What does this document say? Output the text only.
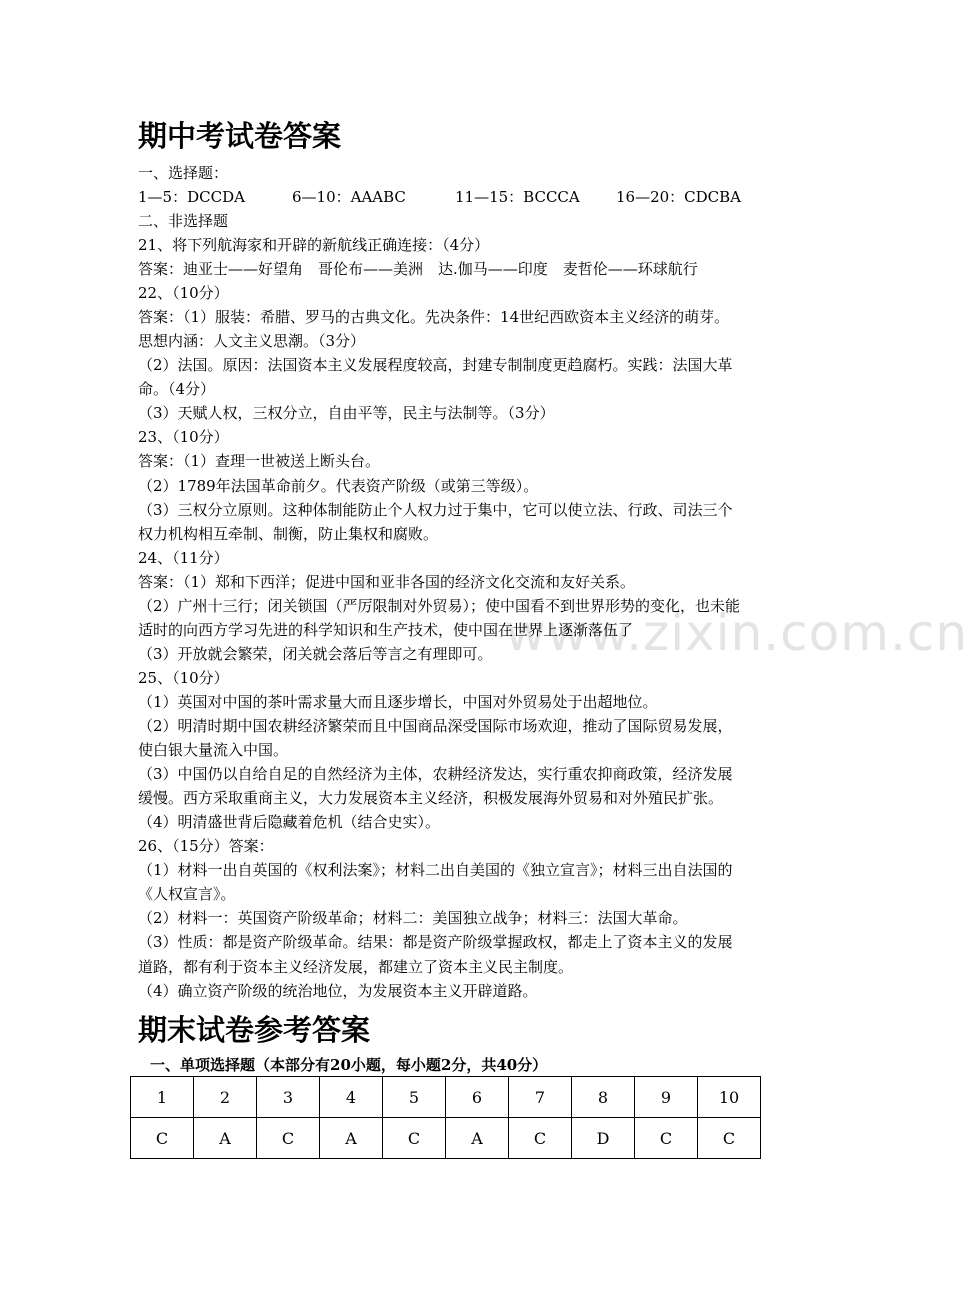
www.zixin.com.cn
期中考试卷答案
一、选择题：
1—5：DCCDA	6—10：AAABC	11—15：BCCCA 16—20：CDCBA
二、非选择题
21、将下列航海家和开辟的新航线正确连接：（4分）
答案：迪亚士——好望角　哥伦布——美洲　达.伽马——印度　麦哲伦——环球航行
22、（10分）
答案：（1）服装：希腊、罗马的古典文化。先决条件：14世纪西欧资本主义经济的萌芽。
思想内涵：人文主义思潮。（3分）
（2）法国。原因：法国资本主义发展程度较高，封建专制制度更趋腐朽。实践：法国大革
命。（4分）
（3）天赋人权，三权分立，自由平等，民主与法制等。（3分）
23、（10分）
答案：（1）查理一世被送上断头台。
（2）1789年法国革命前夕。代表资产阶级（或第三等级）。
（3）三权分立原则。这种体制能防止个人权力过于集中，它可以使立法、行政、司法三个
权力机构相互牵制、制衡，防止集权和腐败。
24、（11分）
答案：（1）郑和下西洋；促进中国和亚非各国的经济文化交流和友好关系。
（2）广州十三行；闭关锁国（严厉限制对外贸易）；使中国看不到世界形势的变化，也未能
适时的向西方学习先进的科学知识和生产技术，使中国在世界上逐渐落伍了
（3）开放就会繁荣，闭关就会落后等言之有理即可。
25、（10分）
（1）英国对中国的茶叶需求量大而且逐步增长，中国对外贸易处于出超地位。
（2）明清时期中国农耕经济繁荣而且中国商品深受国际市场欢迎，推动了国际贸易发展，
使白银大量流入中国。
（3）中国仍以自给自足的自然经济为主体，农耕经济发达，实行重农抑商政策，经济发展
缓慢。西方采取重商主义，大力发展资本主义经济，积极发展海外贸易和对外殖民扩张。
（4）明清盛世背后隐藏着危机（结合史实）。
26、（15分）答案：
（1）材料一出自英国的《权利法案》；材料二出自美国的《独立宣言》；材料三出自法国的
《人权宣言》。
（2）材料一：英国资产阶级革命；材料二：美国独立战争；材料三：法国大革命。
（3）性质：都是资产阶级革命。结果：都是资产阶级掌握政权，都走上了资本主义的发展
道路，都有利于资本主义经济发展，都建立了资本主义民主制度。
（4）确立资产阶级的统治地位，为发展资本主义开辟道路。
期末试卷参考答案
一、单项选择题（本部分有20小题，每小题2分，共40分）
1	2	3	4	5	6	7	8	9	10
C	A	C	A	C	A	C	D	C	C
